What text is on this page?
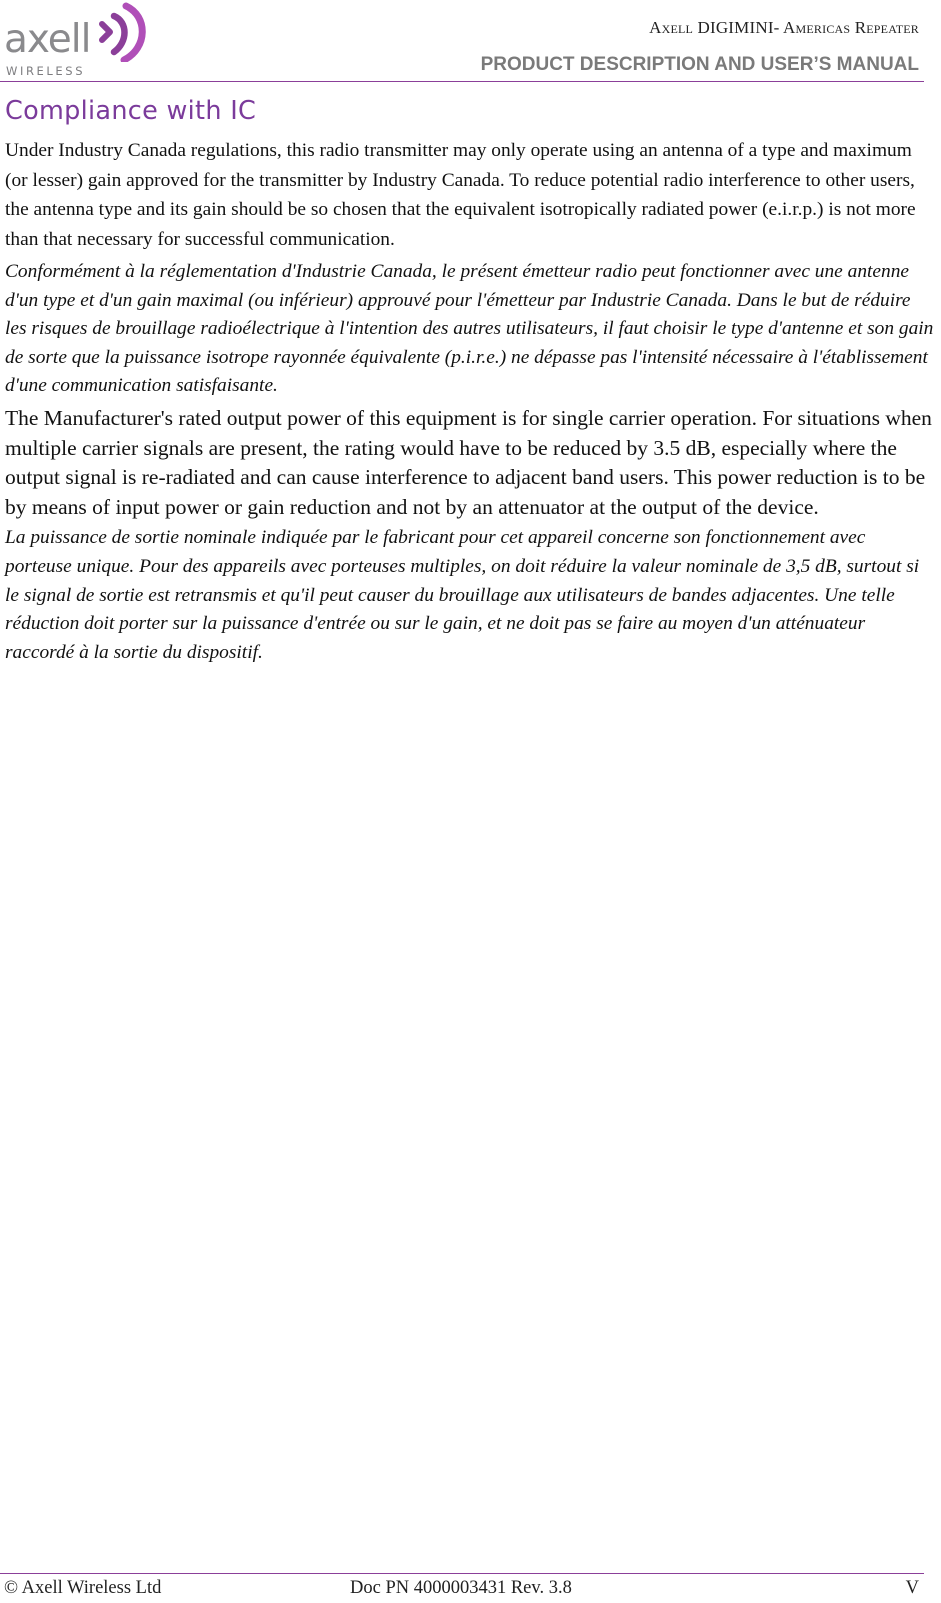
axell
WIRELESS
Axell DIGIMINI- Americas Repeater
PRODUCT DESCRIPTION AND USER’S MANUAL
Compliance with IC

Under Industry Canada regulations, this radio transmitter may only operate using an antenna of a type and maximum (or lesser) gain approved for the transmitter by Industry Canada. To reduce potential radio interference to other users, the antenna type and its gain should be so chosen that the equivalent isotropically radiated power (e.i.r.p.) is not more than that necessary for successful communication.

Conformément à la réglementation d'Industrie Canada, le présent émetteur radio peut fonctionner avec une antenne d'un type et d'un gain maximal (ou inférieur) approuvé pour l'émetteur par Industrie Canada. Dans le but de réduire les risques de brouillage radioélectrique à l'intention des autres utilisateurs, il faut choisir le type d'antenne et son gain de sorte que la puissance isotrope rayonnée équivalente (p.i.r.e.) ne dépasse pas l'intensité nécessaire à l'établissement d'une communication satisfaisante.

The Manufacturer's rated output power of this equipment is for single carrier operation. For situations when multiple carrier signals are present, the rating would have to be reduced by 3.5 dB, especially where the output signal is re-radiated and can cause interference to adjacent band users. This power reduction is to be by means of input power or gain reduction and not by an attenuator at the output of the device.

La puissance de sortie nominale indiquée par le fabricant pour cet appareil concerne son fonctionnement avec porteuse unique. Pour des appareils avec porteuses multiples, on doit réduire la valeur nominale de 3,5 dB, surtout si le signal de sortie est retransmis et qu'il peut causer du brouillage aux utilisateurs de bandes adjacentes. Une telle réduction doit porter sur la puissance d'entrée ou sur le gain, et ne doit pas se faire au moyen d'un atténuateur raccordé à la sortie du dispositif.

© Axell Wireless Ltd	Doc PN 4000003431 Rev. 3.8	V
